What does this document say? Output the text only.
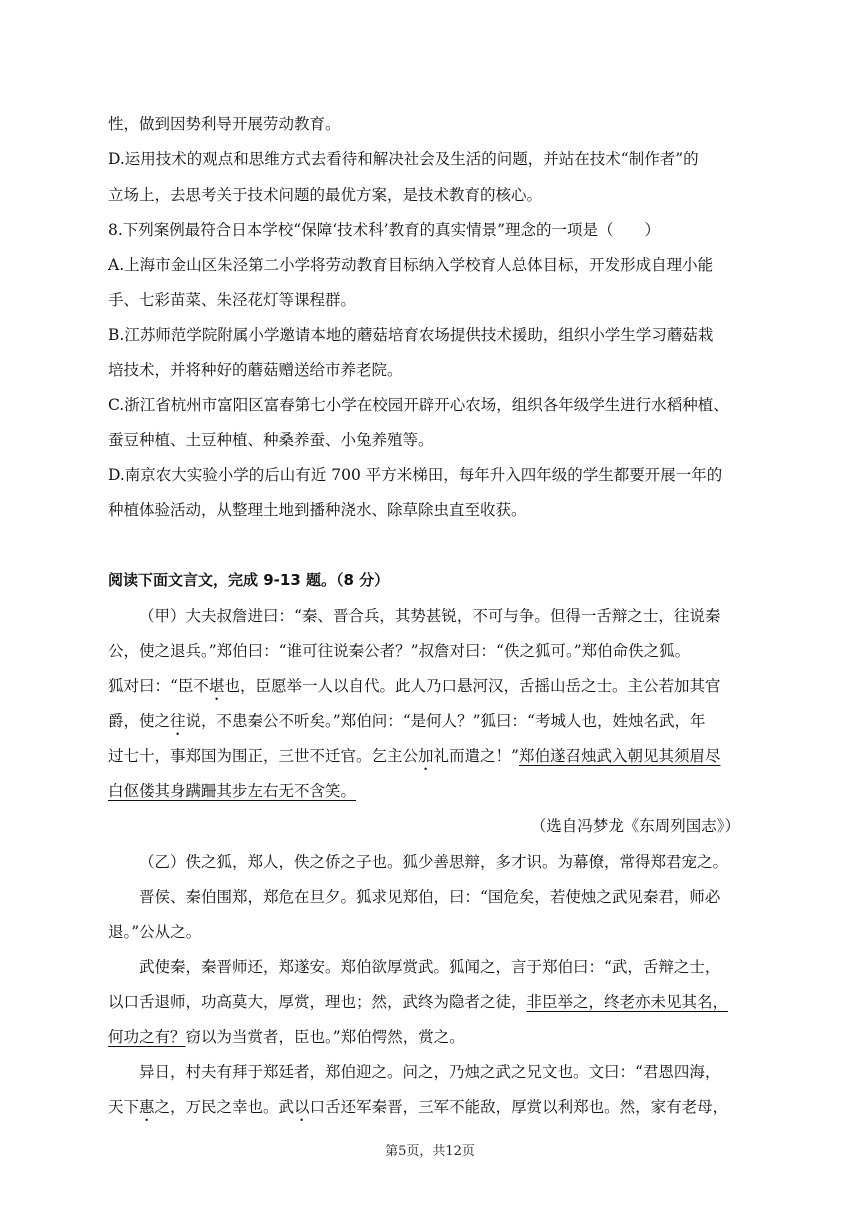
性，做到因势利导开展劳动教育。
D.运用技术的观点和思维方式去看待和解决社会及生活的问题，并站在技术“制作者”的
立场上，去思考关于技术问题的最优方案，是技术教育的核心。
8.下列案例最符合日本学校“保障‘技术科’教育的真实情景”理念的一项是（　　）
A.上海市金山区朱泾第二小学将劳动教育目标纳入学校育人总体目标，开发形成自理小能
手、七彩苗菜、朱泾花灯等课程群。
B.江苏师范学院附属小学邀请本地的蘑菇培育农场提供技术援助，组织小学生学习蘑菇栽
培技术，并将种好的蘑菇赠送给市养老院。
C.浙江省杭州市富阳区富春第七小学在校园开辟开心农场，组织各年级学生进行水稻种植、
蚕豆种植、土豆种植、种桑养蚕、小兔养殖等。
D.南京农大实验小学的后山有近 700 平方米梯田，每年升入四年级的学生都要开展一年的
种植体验活动，从整理土地到播种浇水、除草除虫直至收获。
阅读下面文言文，完成 9-13 题。（8 分）
（甲）大夫叔詹进曰：“秦、晋合兵，其势甚锐，不可与争。但得一舌辩之士，往说秦
公，使之退兵。”郑伯曰：“谁可往说秦公者？”叔詹对曰：“佚之狐可。”郑伯命佚之狐。
狐对曰：“臣不堪也，臣愿举一人以自代。此人乃口悬河汉，舌摇山岳之士。主公若加其官
爵，使之往说，不患秦公不听矣。”郑伯问：“是何人？”狐曰：“考城人也，姓烛名武，年
过七十，事郑国为围正，三世不迁官。乞主公加礼而遣之！”郑伯遂召烛武入朝见其须眉尽
白伛偻其身蹒跚其步左右无不含笑。
（选自冯梦龙《东周列国志》）
（乙）佚之狐，郑人，佚之侨之子也。狐少善思辩，多才识。为幕僚，常得郑君宠之。
晋侯、秦伯围郑，郑危在旦夕。狐求见郑伯，曰：“国危矣，若使烛之武见秦君，师必
退。”公从之。
武使秦，秦晋师还，郑遂安。郑伯欲厚赏武。狐闻之，言于郑伯曰：“武，舌辩之士，
以口舌退师，功高莫大，厚赏，理也；然，武终为隐者之徒，非臣举之，终老亦未见其名，
何功之有？窃以为当赏者，臣也。”郑伯愕然，赏之。
异日，村夫有拜于郑廷者，郑伯迎之。问之，乃烛之武之兄文也。文曰：“君恩四海，
天下惠之，万民之幸也。武以口舌还军秦晋，三军不能敌，厚赏以利郑也。然，家有老母，
第5页，共12页
